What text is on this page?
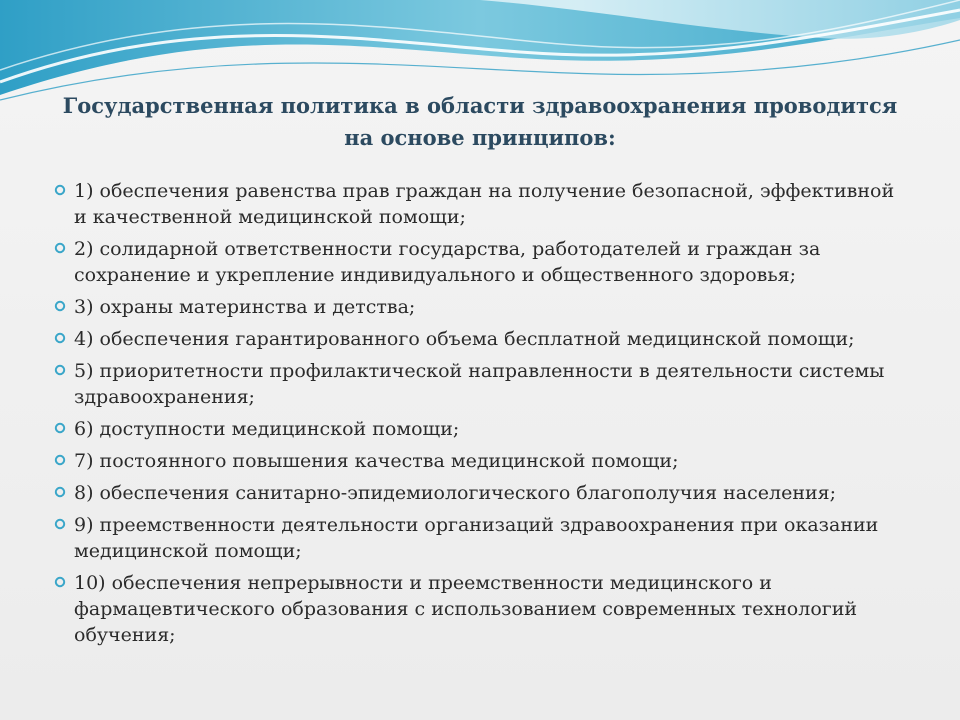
Государственная политика в области здравоохранения проводится
на основе принципов:
1) обеспечения равенства прав граждан на получение безопасной, эффективной и качественной медицинской помощи;
2) солидарной ответственности государства, работодателей и граждан за сохранение и укрепление индивидуального и общественного здоровья;
3) охраны материнства и детства;
4) обеспечения гарантированного объема бесплатной медицинской помощи;
5) приоритетности профилактической направленности в деятельности системы здравоохранения;
6) доступности медицинской помощи;
7) постоянного повышения качества медицинской помощи;
8) обеспечения санитарно-эпидемиологического благополучия населения;
9) преемственности деятельности организаций здравоохранения при оказании медицинской помощи;
10) обеспечения непрерывности и преемственности медицинского и фармацевтического образования с использованием современных технологий обучения;
